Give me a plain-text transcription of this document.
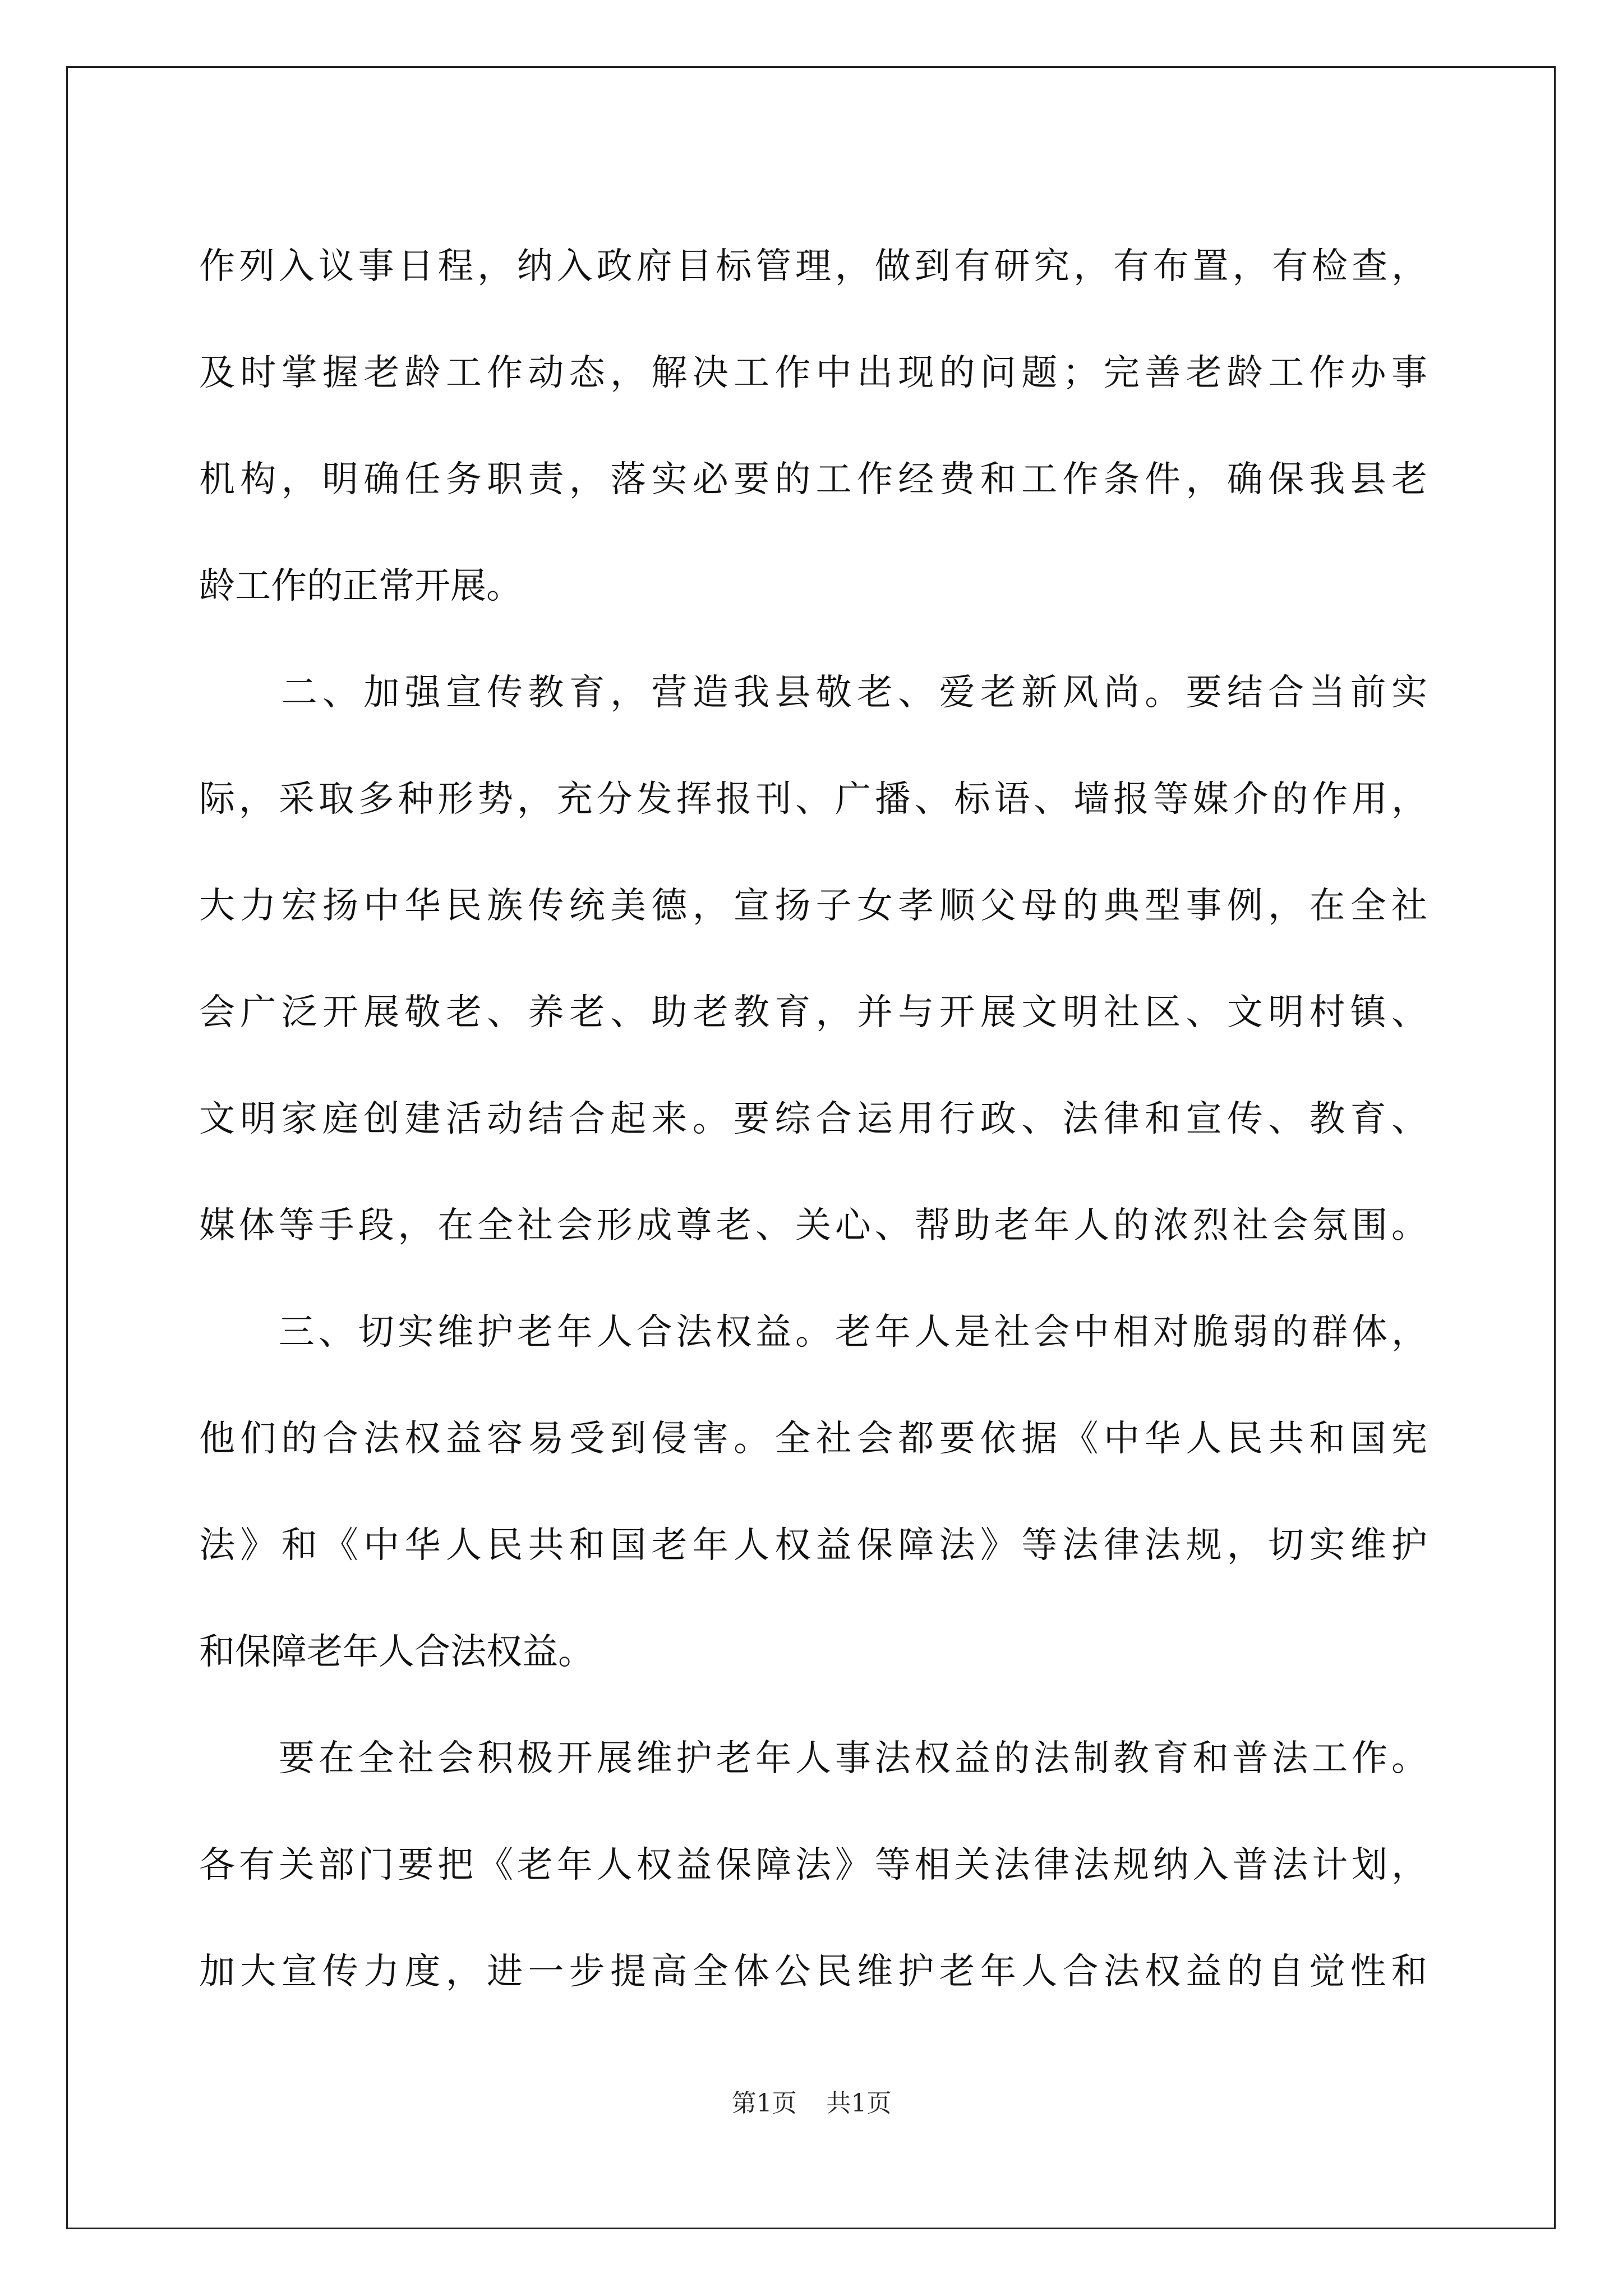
作列入议事日程，纳入政府目标管理，做到有研究，有布置，有检查，
及时掌握老龄工作动态，解决工作中出现的问题；完善老龄工作办事
机构，明确任务职责，落实必要的工作经费和工作条件，确保我县老
龄工作的正常开展。
　　二、加强宣传教育，营造我县敬老、爱老新风尚。要结合当前实
际，采取多种形势，充分发挥报刊、广播、标语、墙报等媒介的作用，
大力宏扬中华民族传统美德，宣扬子女孝顺父母的典型事例，在全社
会广泛开展敬老、养老、助老教育，并与开展文明社区、文明村镇、
文明家庭创建活动结合起来。要综合运用行政、法律和宣传、教育、
媒体等手段，在全社会形成尊老、关心、帮助老年人的浓烈社会氛围。
　　三、切实维护老年人合法权益。老年人是社会中相对脆弱的群体，
他们的合法权益容易受到侵害。全社会都要依据《中华人民共和国宪
法》和《中华人民共和国老年人权益保障法》等法律法规，切实维护
和保障老年人合法权益。
　　要在全社会积极开展维护老年人事法权益的法制教育和普法工作。
各有关部门要把《老年人权益保障法》等相关法律法规纳入普法计划，
加大宣传力度，进一步提高全体公民维护老年人合法权益的自觉性和
第1页 共1页
